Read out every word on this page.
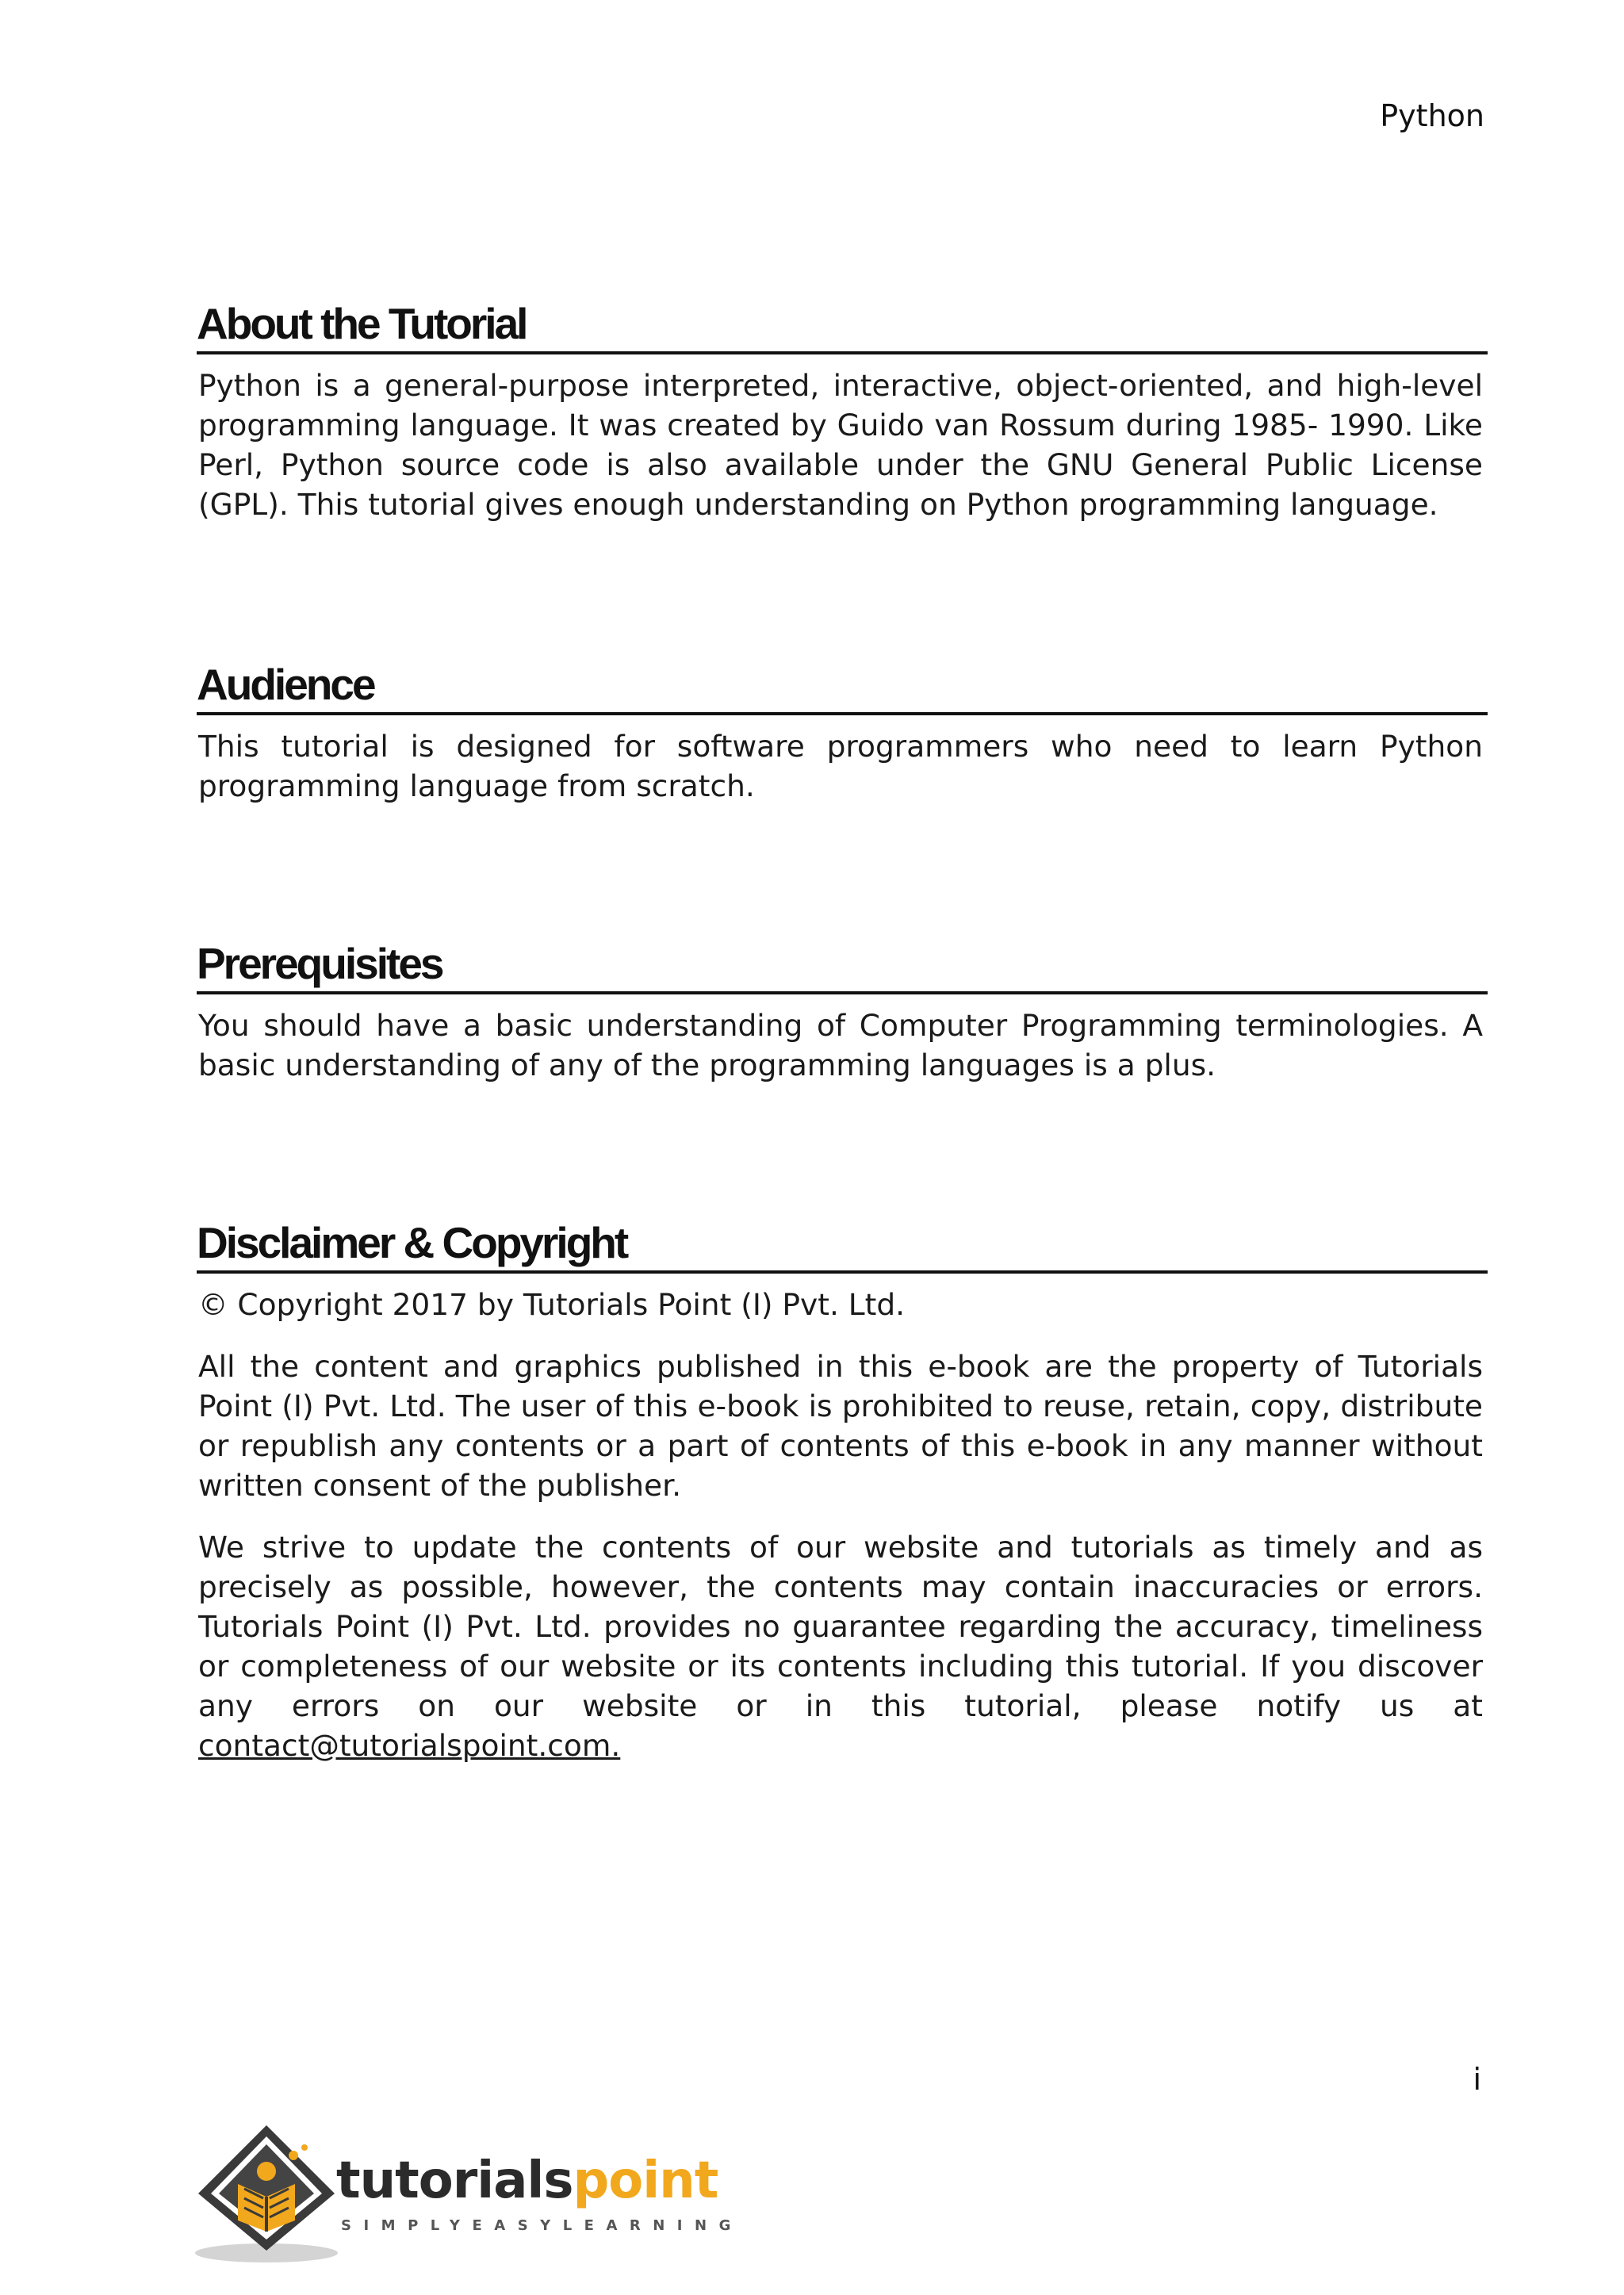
Python
About the Tutorial

Python is a general-purpose interpreted, interactive, object-oriented, and high-level programming language. It was created by Guido van Rossum during 1985- 1990. Like Perl, Python source code is also available under the GNU General Public License (GPL). This tutorial gives enough understanding on Python programming language.

Audience

This tutorial is designed for software programmers who need to learn Python programming language from scratch.

Prerequisites

You should have a basic understanding of Computer Programming terminologies. A basic understanding of any of the programming languages is a plus.

Disclaimer & Copyright

© Copyright 2017 by Tutorials Point (I) Pvt. Ltd.

All the content and graphics published in this e-book are the property of Tutorials Point (I) Pvt. Ltd. The user of this e-book is prohibited to reuse, retain, copy, distribute or republish any contents or a part of contents of this e-book in any manner without written consent of the publisher.

We strive to update the contents of our website and tutorials as timely and as precisely as possible, however, the contents may contain inaccuracies or errors. Tutorials Point (I) Pvt. Ltd. provides no guarantee regarding the accuracy, timeliness or completeness of our website or its contents including this tutorial. If you discover any errors on our website or in this tutorial, please notify us at contact@tutorialspoint.com.
i
tutorialspoint
SIMPLYEASYLEARNING
